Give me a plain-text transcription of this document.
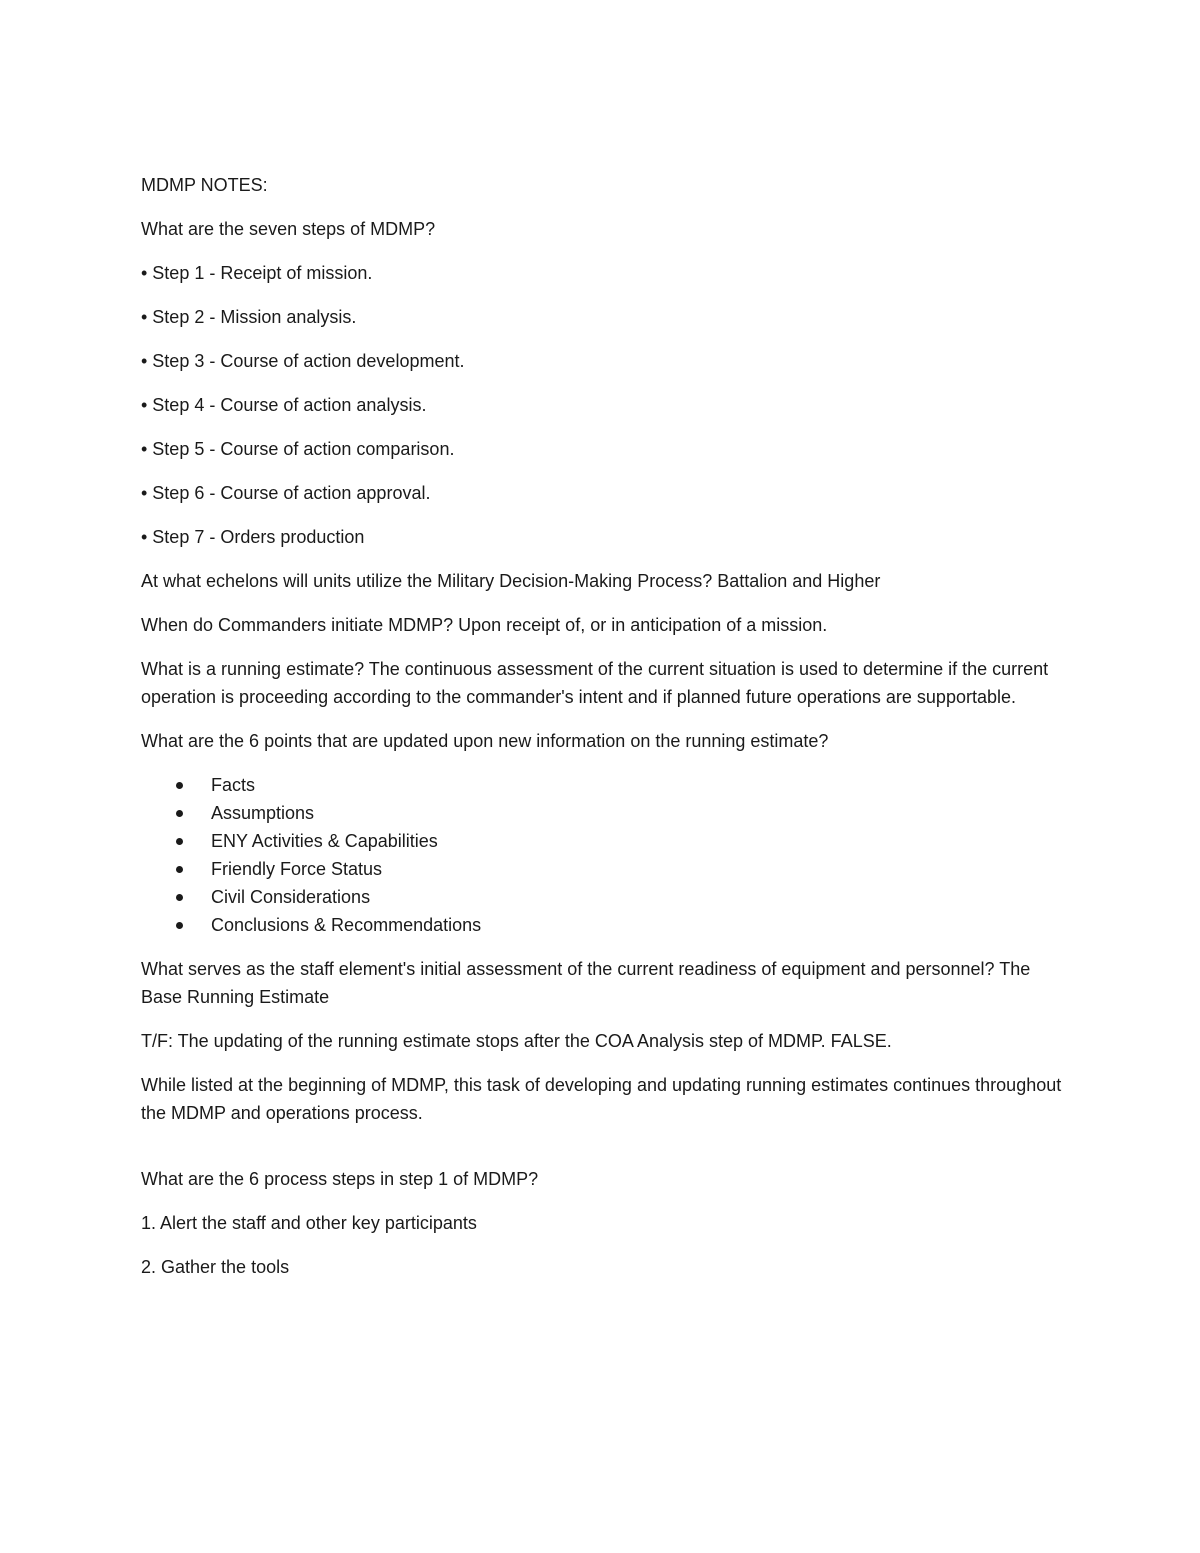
MDMP NOTES:

What are the seven steps of MDMP?

• Step 1 - Receipt of mission.

• Step 2 - Mission analysis.

• Step 3 - Course of action development.

• Step 4 - Course of action analysis.

• Step 5 - Course of action comparison.

• Step 6 - Course of action approval.

• Step 7 - Orders production

At what echelons will units utilize the Military Decision-Making Process? Battalion and Higher

When do Commanders initiate MDMP? Upon receipt of, or in anticipation of a mission.

What is a running estimate? The continuous assessment of the current situation is used to determine if the current operation is proceeding according to the commander's intent and if planned future operations are supportable.

What are the 6 points that are updated upon new information on the running estimate?

Facts
Assumptions
ENY Activities & Capabilities
Friendly Force Status
Civil Considerations
Conclusions & Recommendations

What serves as the staff element's initial assessment of the current readiness of equipment and personnel? The Base Running Estimate

T/F: The updating of the running estimate stops after the COA Analysis step of MDMP. FALSE.

While listed at the beginning of MDMP, this task of developing and updating running estimates continues throughout the MDMP and operations process.

What are the 6 process steps in step 1 of MDMP?

1. Alert the staff and other key participants

2. Gather the tools
